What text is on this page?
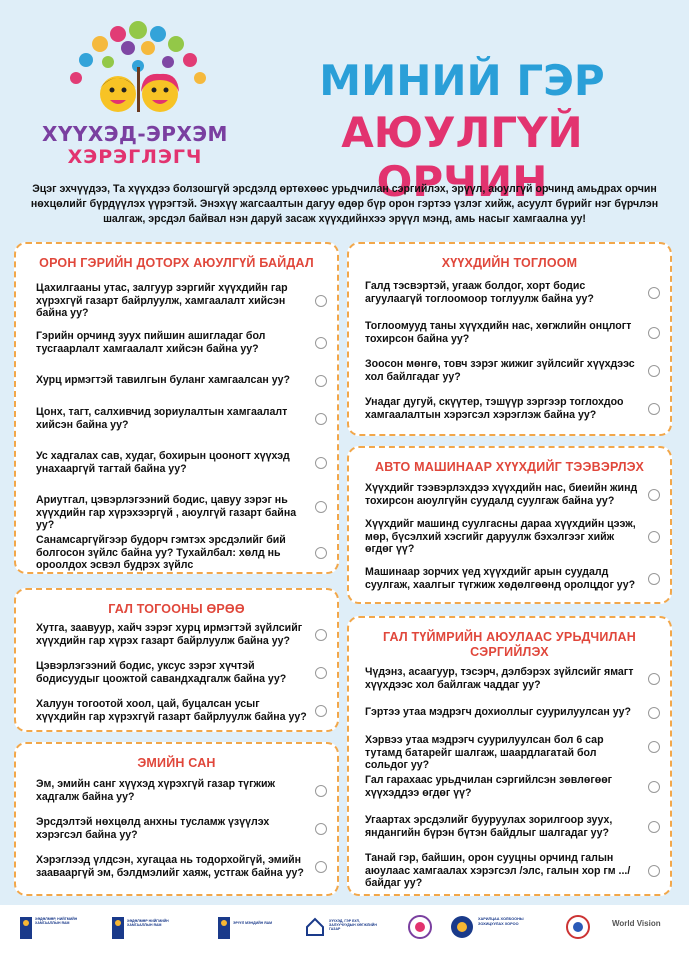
ХҮҮХЭД-ЭРХЭМ
ХЭРЭГЛЭГЧ
МИНИЙ ГЭР
АЮУЛГҮЙ ОРЧИН
Эцэг эхчүүдээ, Та хүүхдээ болзошгүй эрсдэлд өртөхөөс урьдчилан сэргийлэх, эрүүл, аюулгүй орчинд амьдрах орчин нөхцөлийг бүрдүүлэх үүрэгтэй. Энэхүү жагсаалтын дагуу өдөр бүр орон гэртээ үзлэг хийж, асуулт бүрийг нэг бүрчлэн шалгаж, эрсдэл байвал нэн даруй засаж хүүхдийнхээ эрүүл мэнд, амь насыг хамгаална уу!
ОРОН ГЭРИЙН ДОТОРХ АЮУЛГҮЙ БАЙДАЛ
Цахилгааны утас, залгуур зэргийг хүүхдийн гар хүрэхгүй газарт байрлуулж, хамгаалалт хийсэн байна уу?
Гэрийн орчинд зуух пийшин ашигладаг бол тусгаарлалт хамгаалалт хийсэн байна уу?
Хурц ирмэгтэй тавилгын буланг хамгаалсан уу?
Цонх, тагт, салхивчид зориулалтын хамгаалалт хийсэн байна уу?
Ус хадгалах сав, худаг, бохирын цооногт хүүхэд унахааргүй тагтай байна уу?
Ариутгал, цэвэрлэгээний бодис, цавуу зэрэг нь хүүхдийн гар хүрэхээргүй , аюулгүй газарт байна уу?
Санамсаргүйгээр будорч гэмтэх эрсдэлийг бий болгосон зүйлс байна уу? Тухайлбал: хөлд нь ороолдох эсвэл будрэх зүйлс
ГАЛ ТОГООНЫ ӨРӨӨ
Хутга, заавуур, хайч зэрэг хурц ирмэгтэй зүйлсийг хүүхдийн гар хүрэх газарт байрлуулж байна уу?
Цэвэрлэгээний бодис, уксус зэрэг хүчтэй бодисуудыг цоожтой савандхадгалж байна уу?
Халуун тогоотой хоол, цай, буцалсан усыг хүүхдийн гар хүрэхгүй газарт байрлуулж байна уу?
ЭМИЙН САН
Эм, эмийн санг хүүхэд хүрэхгүй газар түгжиж хадгалж байна уу?
Эрсдэлтэй нөхцөлд анхны тусламж үзүүлэх хэрэгсэл байна уу?
Хэрэглээд үлдсэн, хугацаа нь тодорхойгүй, эмийн заавааргүй эм, бэлдмэлийг хаяж, устгаж байна уу?
ХҮҮХДИЙН ТОГЛООМ
Галд тэсвэртэй, угааж болдог, хорт бодис агуулаагүй тоглоомоор тоглуулж байна уу?
Тоглоомууд таны хүүхдийн нас, хөгжлийн онцлогт тохирсон байна уу?
Зоосон мөнгө, товч зэрэг жижиг зүйлсийг хүүхдээс хол байлгадаг уу?
Унадаг дугуй, скүүтер, тэшүүр зэргээр тоглохдоо хамгаалалтын хэрэгсэл хэрэглэж байна уу?
АВТО МАШИНААР ХҮҮХДИЙГ ТЭЭВЭРЛЭХ
Хүүхдийг тээвэрлэхдээ хүүхдийн нас, биеийн жинд тохирсон аюулгүйн суудалд суулгаж байна уу?
Хүүхдийг машинд суулгасны дараа хүүхдийн цээж, мөр, бүсэлхий хэсгийг даруулж бэхэлгээг хийж өгдөг үү?
Машинаар зорчих үед хүүхдийг арын суудалд суулгаж, хаалгыг түгжиж хөдөлгөөнд оролцдог уу?
ГАЛ ТҮЙМРИЙН АЮУЛААС УРЬДЧИЛАН СЭРГИЙЛЭХ
Чүдэнз, асаагуур, тэсэрч, дэлбэрэх зүйлсийг ямагт хүүхдээс хол байлгаж чаддаг уу?
Гэртээ утаа мэдрэгч дохиоллыг суурилуулсан уу?
Хэрвээ утаа мэдрэгч суурилуулсан бол 6 сар тутамд батарейг шалгаж, шаардлагатай бол сольдог уу?
Гал гарахаас урьдчилан сэргийлсэн зөвлөгөөг хүүхэддээ өгдөг үү?
Угаартах эрсдэлийг бууруулах зорилгоор зуух, яндангийн бүрэн бүтэн байдлыг шалгадаг уу?
Танай гэр, байшин, орон сууцны орчинд галын аюулаас хамгаалах хэрэгсэл /элс, галын хор гм .../ байдаг уу?
ХӨДӨЛМӨР, НИЙГМИЙН ХАМГААЛЛЫН ЯАМ
ХӨДӨЛМӨР НИЙГМИЙН ХАМГААЛЛЫН ЯАМ
ЭРҮҮЛ МЭНДИЙН ЯАМ	ХҮҮХЭД, ГЭР БҮЛ, ЗАЛУУЧУУДЫН ХӨГЖЛИЙН ГАЗАР
ХАРИЛЦАА ХОЛБООНЫ ЗОХИЦУУЛАХ ХОРОО	World Vision
